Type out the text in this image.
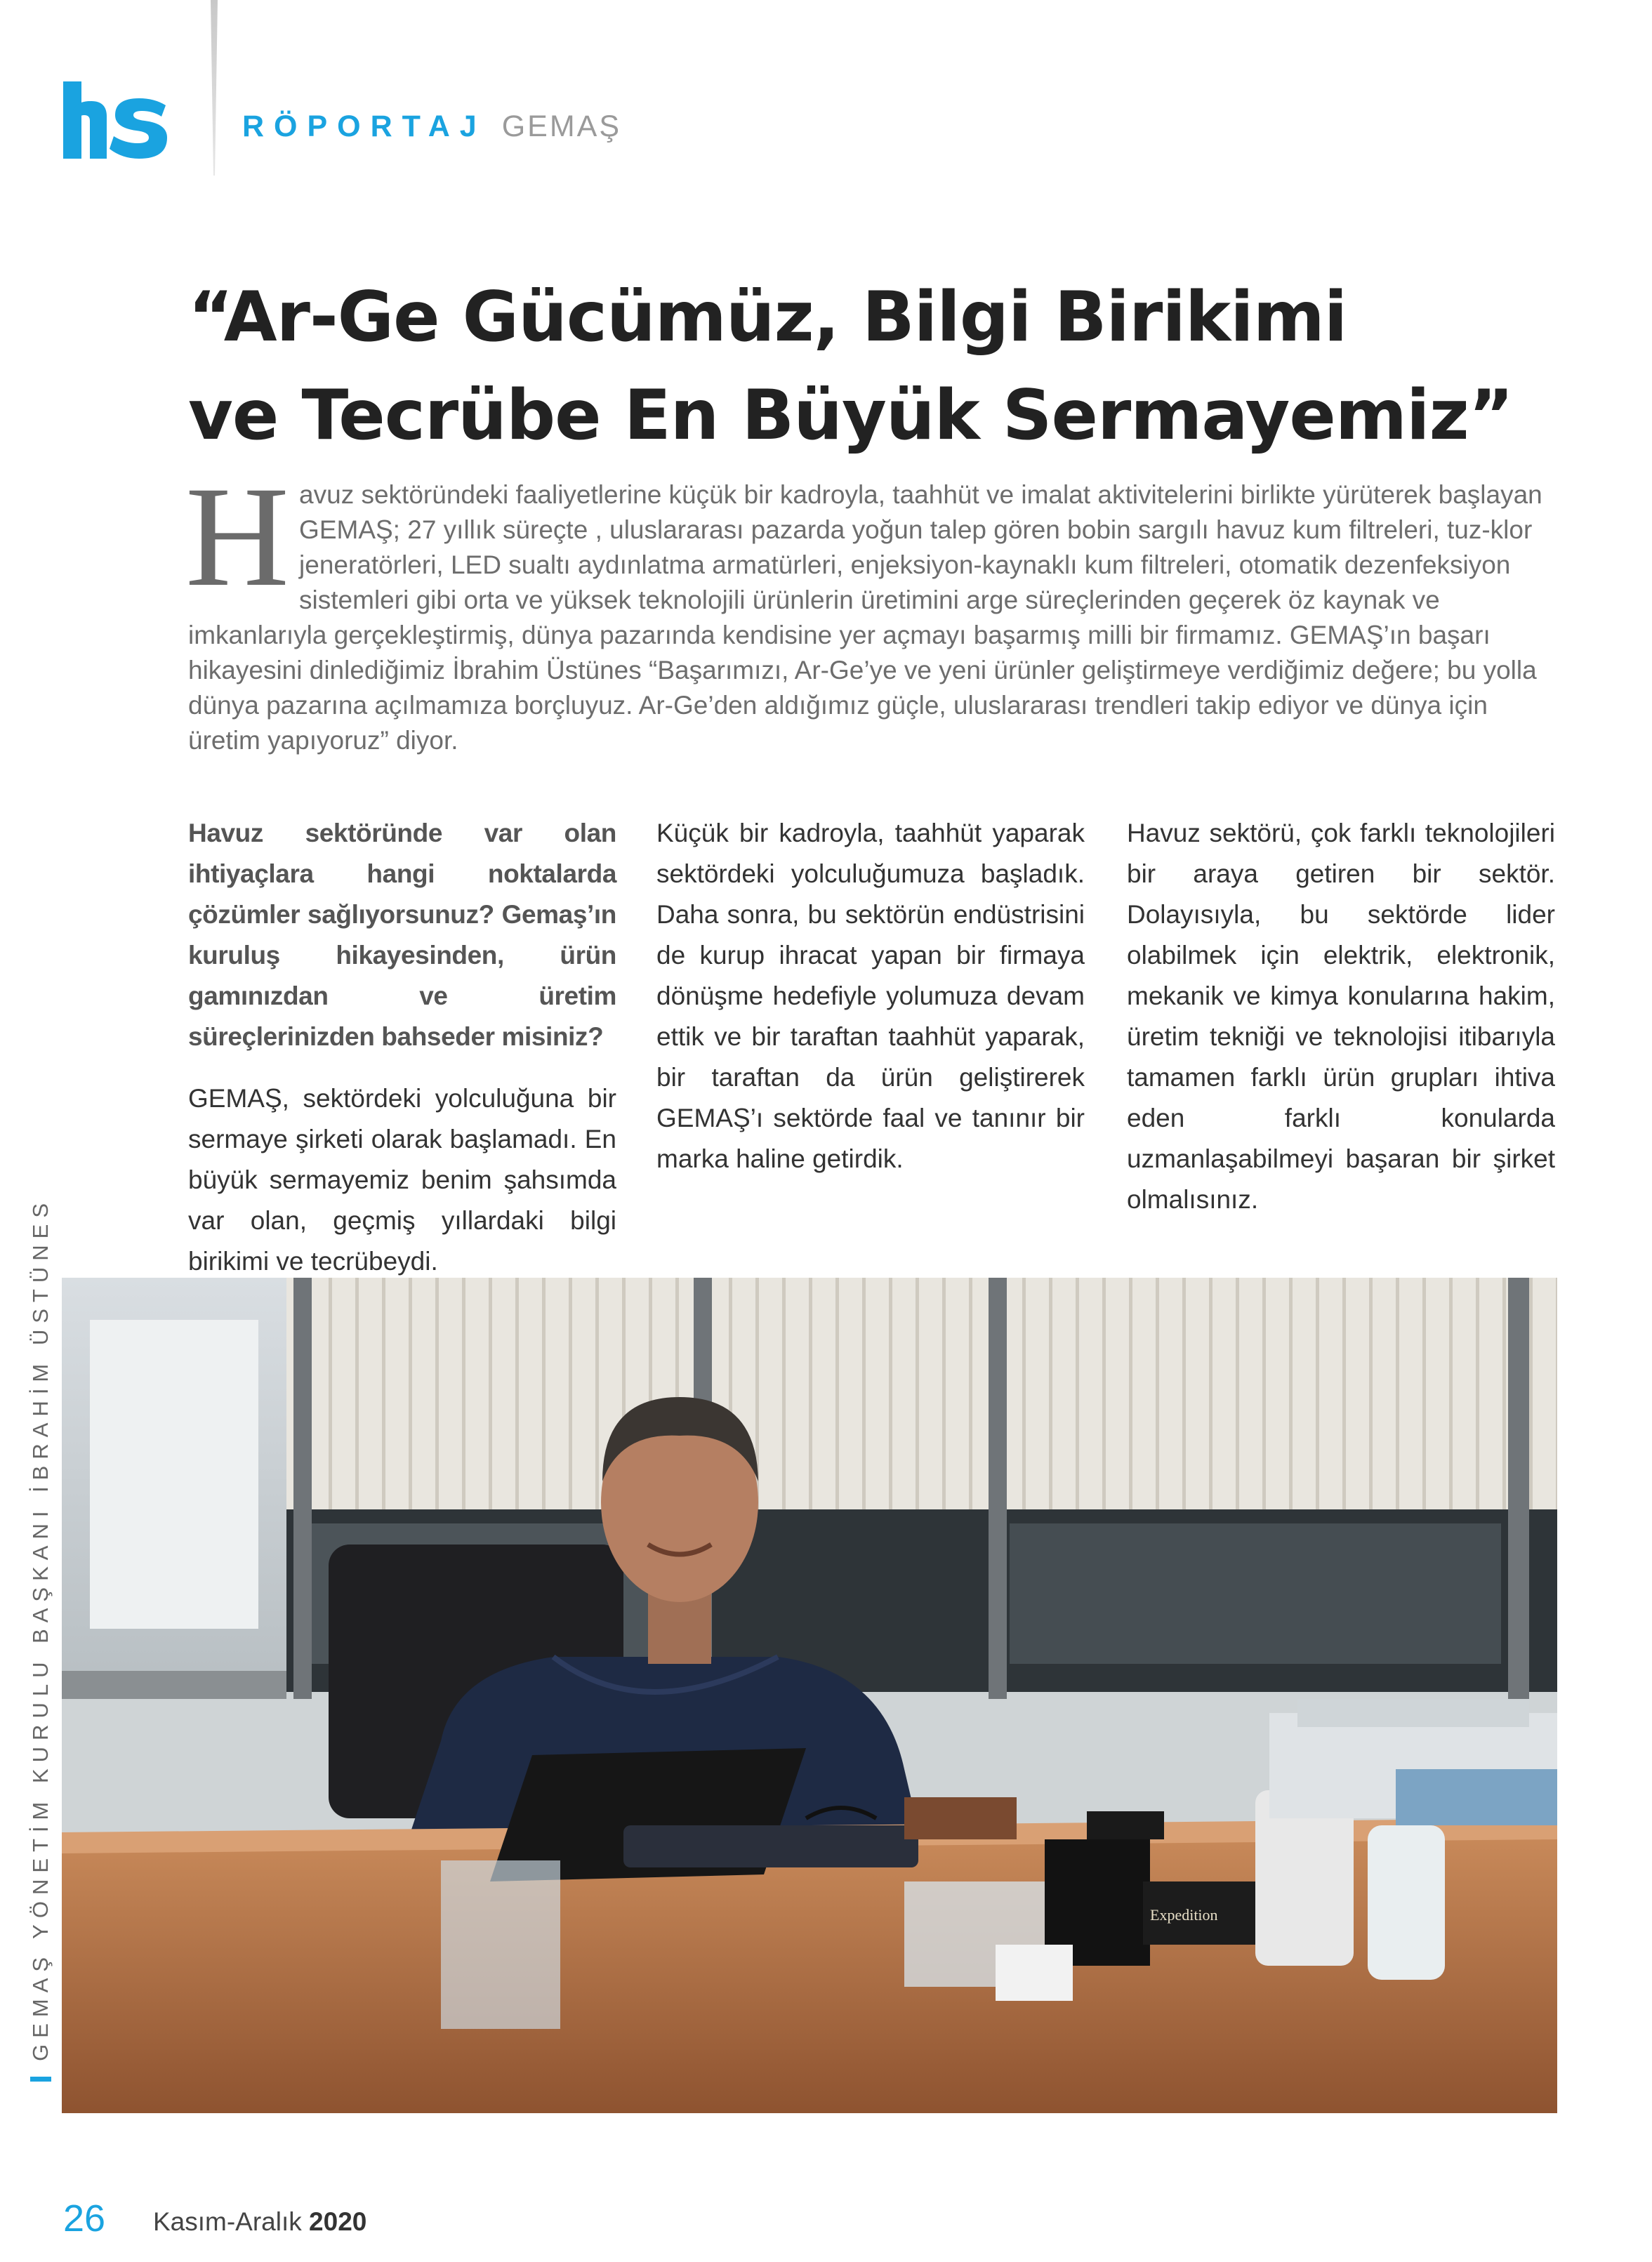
RÖPORTAJ GEMAŞ
“Ar-Ge Gücümüz, Bilgi Birikimi
ve Tecrübe En Büyük Sermayemiz”
H avuz sektöründeki faaliyetlerine küçük bir kadroyla, taahhüt ve imalat aktivitelerini birlikte yürüterek başlayan GEMAŞ; 27 yıllık süreçte , uluslararası pazarda yoğun talep gören bobin sargılı havuz kum filtreleri, tuz-klor jeneratörleri, LED sualtı aydınlatma armatürleri, enjeksiyon-kaynaklı kum filtreleri, otomatik dezenfeksiyon sistemleri gibi orta ve yüksek teknolojili ürünlerin üretimini arge süreçlerinden geçerek öz kaynak ve imkanlarıyla gerçekleştirmiş, dünya pazarında kendisine yer açmayı başarmış milli bir firmamız. GEMAŞ’ın başarı hikayesini dinlediğimiz İbrahim Üstünes “Başarımızı, Ar-Ge’ye ve yeni ürünler geliştirmeye verdiğimiz değere; bu yolla dünya pazarına açılmamıza borçluyuz. Ar-Ge’den aldığımız güçle, uluslararası trendleri takip ediyor ve dünya için üretim yapıyoruz” diyor.

Havuz sektöründe var olan ihtiyaçlara hangi noktalarda çözümler sağlıyorsunuz? Gemaş’ın kuruluş hikayesinden, ürün gamınızdan ve üretim süreçlerinizden bahseder misiniz?

GEMAŞ, sektördeki yolculuğuna bir sermaye şirketi olarak başlamadı. En büyük sermayemiz benim şahsımda var olan, geçmiş yıllardaki bilgi birikimi ve tecrübeydi.

Küçük bir kadroyla, taahhüt yaparak sektördeki yolculuğumuza başladık. Daha sonra, bu sektörün endüstrisini de kurup ihracat yapan bir firmaya dönüşme hedefiyle yolumuza devam ettik ve bir taraftan taahhüt yaparak, bir taraftan da ürün geliştirerek GEMAŞ’ı sektörde faal ve tanınır bir marka haline getirdik.

Havuz sektörü, çok farklı teknolojileri bir araya getiren bir sektör. Dolayısıyla, bu sektörde lider olabilmek için elektrik, elektronik, mekanik ve kimya konularına hakim, üretim tekniği ve teknolojisi itibarıyla tamamen farklı ürün grupları ihtiva eden farklı konularda uzmanlaşabilmeyi başaran bir şirket olmalısınız.

Expedition
GEMAŞ YÖNETİM KURULU BAŞKANI İBRAHİM ÜSTÜNES
26 Kasım-Aralık 2020
